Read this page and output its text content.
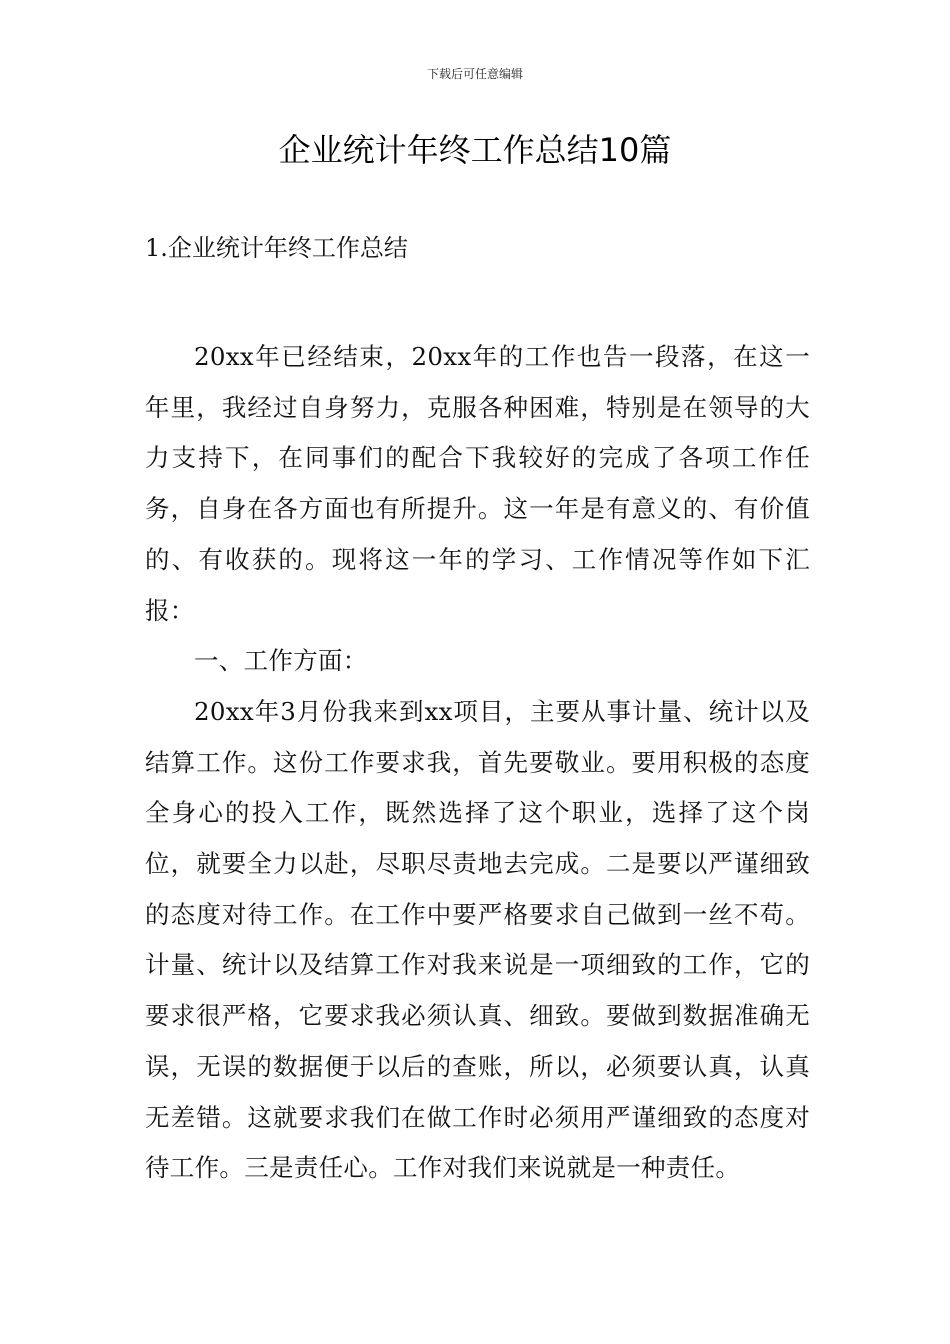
下载后可任意编辑
企业统计年终工作总结10篇
1.企业统计年终工作总结

20xx年已经结束，20xx年的工作也告一段落，在这一年里，我经过自身努力，克服各种困难，特别是在领导的大力支持下，在同事们的配合下我较好的完成了各项工作任务，自身在各方面也有所提升。这一年是有意义的、有价值的、有收获的。现将这一年的学习、工作情况等作如下汇报：

一、工作方面：

20xx年3月份我来到xx项目，主要从事计量、统计以及结算工作。这份工作要求我，首先要敬业。要用积极的态度全身心的投入工作，既然选择了这个职业，选择了这个岗位，就要全力以赴，尽职尽责地去完成。二是要以严谨细致的态度对待工作。在工作中要严格要求自己做到一丝不苟。计量、统计以及结算工作对我来说是一项细致的工作，它的要求很严格，它要求我必须认真、细致。要做到数据准确无误，无误的数据便于以后的查账，所以，必须要认真，认真无差错。这就要求我们在做工作时必须用严谨细致的态度对待工作。三是责任心。工作对我们来说就是一种责任。
